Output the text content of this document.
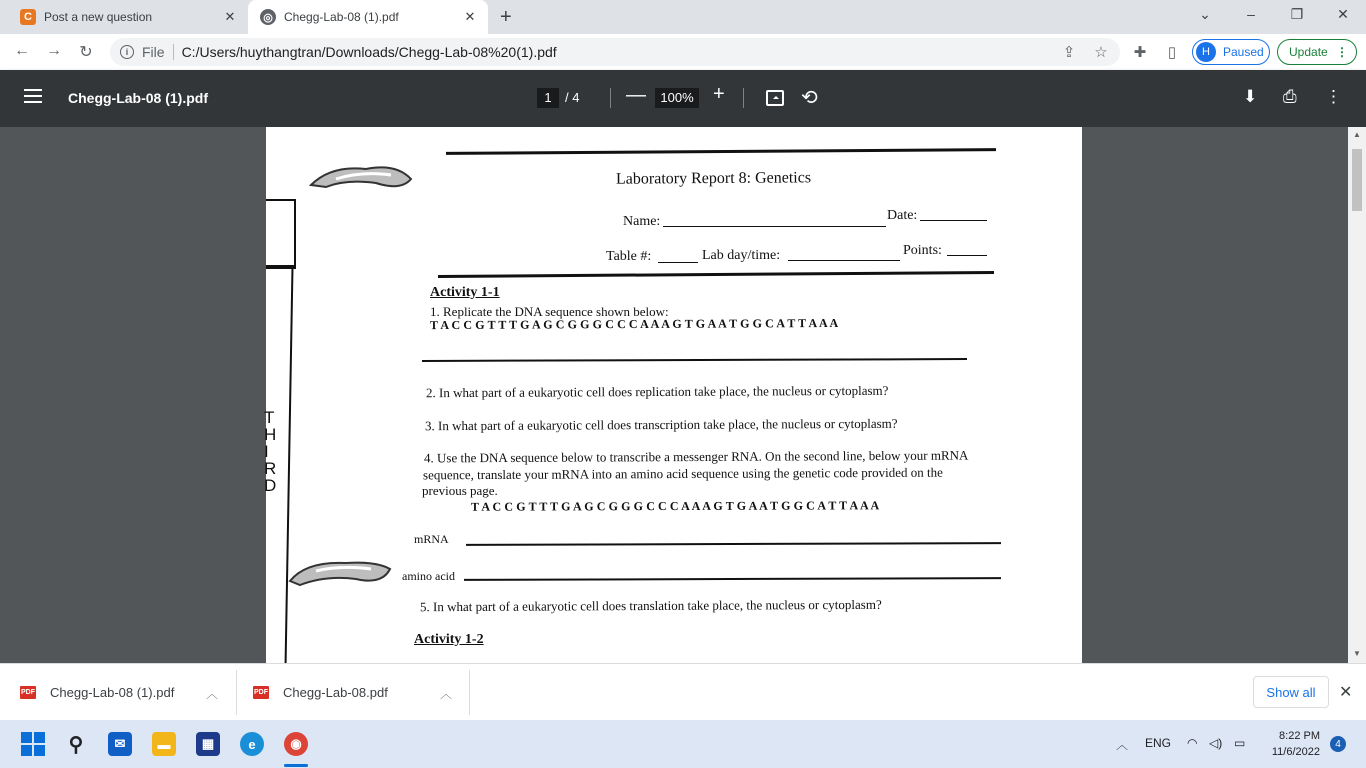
C	Post a new question	✕	◎ Chegg-Lab-08 (1).pdf	✕ +	⌄	–	❐ ✕
← → ↻	i File C:/Users/huythangtran/Downloads/Chegg-Lab-08%20(1).pdf	⇪ ☆ ✚	▯	H	Paused Update ⋮
Chegg-Lab-08 (1).pdf	1	/ 4 —	100% +	⟲	⬇ ⎙ ⋮
T
H
I
R
D
Laboratory Report 8: Genetics
Name:	Date:
Table #:	Lab day/time:	Points:
Activity 1-1
1. Replicate the DNA sequence shown below:
T A C C G T T T G A G C G G G C C C A A A G T G A A T G G C A T T A A A
2. In what part of a eukaryotic cell does replication take place, the nucleus or cytoplasm?
3. In what part of a eukaryotic cell does transcription take place, the nucleus or cytoplasm?
4. Use the DNA sequence below to transcribe a messenger RNA. On the second line, below your mRNA
sequence, translate your mRNA into an amino acid sequence using the genetic code provided on the
previous page.
T A C C G T T T G A G C G G G C C C A A A G T G A A T G G C A T T A A A
mRNA
amino acid
5. In what part of a eukaryotic cell does translation take place, the nucleus or cytoplasm?
Activity 1-2
▲
▼
PDF Chegg-Lab-08 (1).pdf	︿	PDF Chegg-Lab-08.pdf	︿	Show all	✕
⚲	✉	▬	▦	e	◉	︿ ENG ◠ ◁) ▭	8:22 PM
11/6/2022
4
